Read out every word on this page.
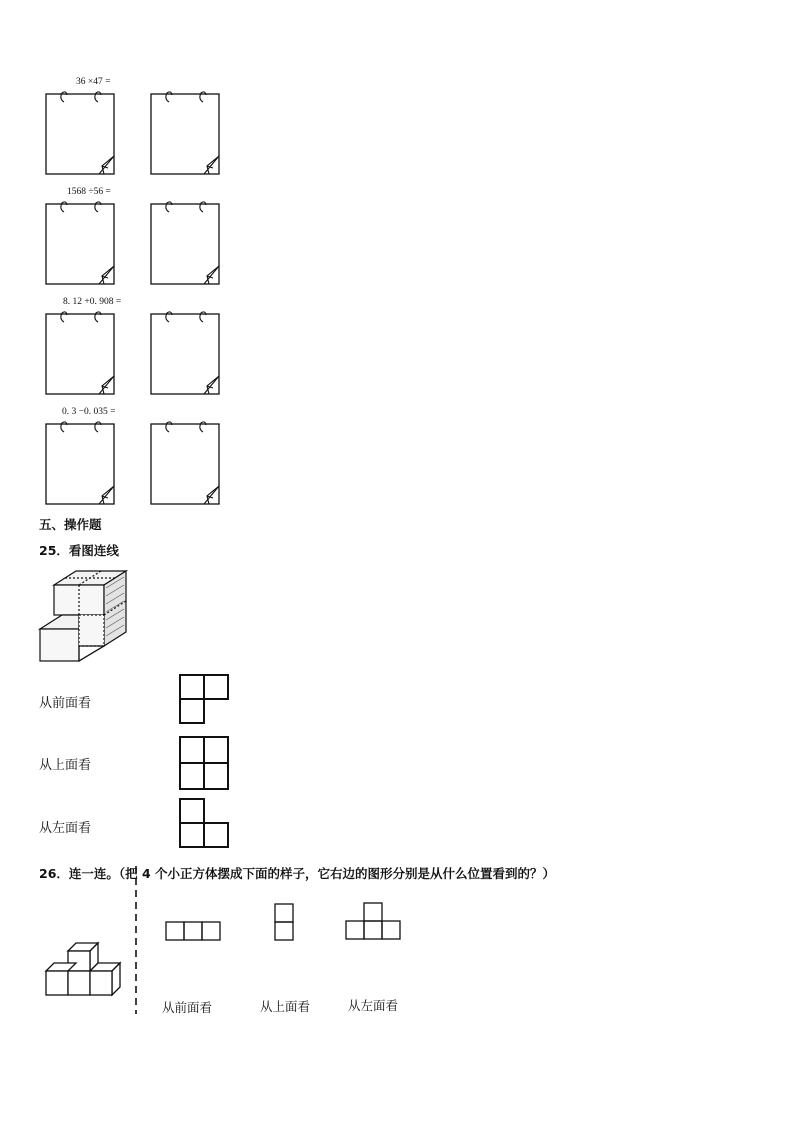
36 ×47 =
1568 ÷56 =
8. 12 +0. 908 =
0. 3 −0. 035 =
五、操作题
25．看图连线
从前面看
从上面看
从左面看
26．连一连。（把 4 个小正方体摆成下面的样子，它右边的图形分别是从什么位置看到的？）
从前面看	从上面看	从左面看
